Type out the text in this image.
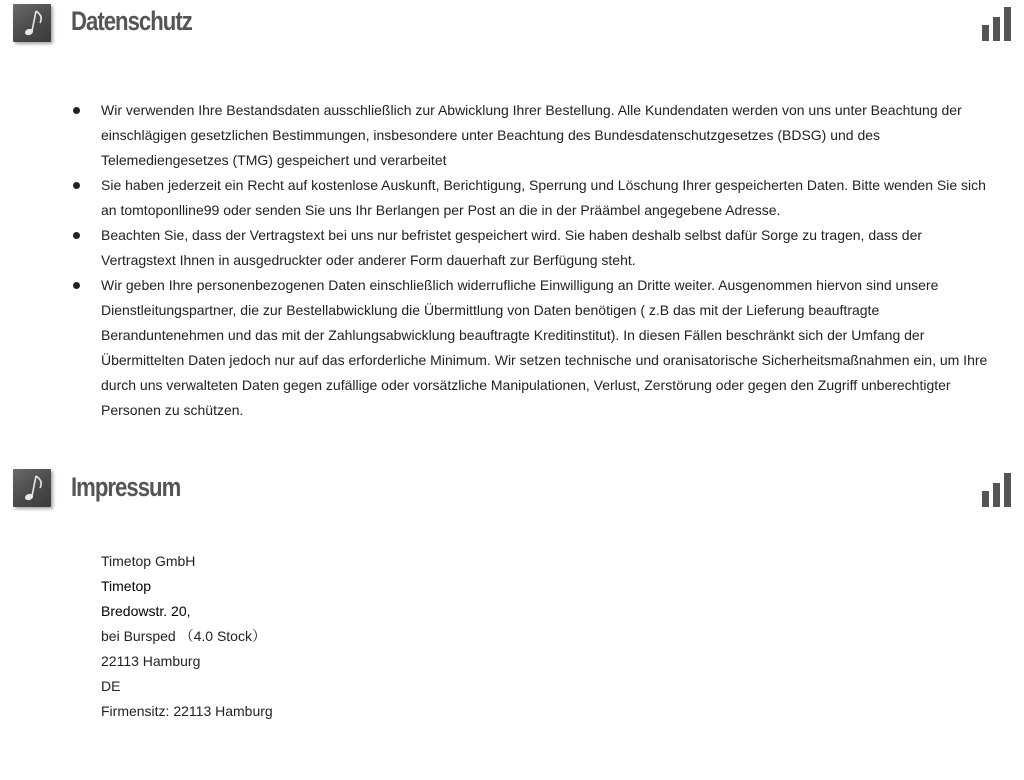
Datenschutz
Wir verwenden Ihre Bestandsdaten ausschließlich zur Abwicklung Ihrer Bestellung. Alle Kundendaten werden von uns unter Beachtung der einschlägigen gesetzlichen Bestimmungen, insbesondere unter Beachtung des Bundesdatenschutzgesetzes (BDSG) und des Telemediengesetzes (TMG) gespeichert und verarbeitet
Sie haben jederzeit ein Recht auf kostenlose Auskunft, Berichtigung, Sperrung und Löschung Ihrer gespeicherten Daten. Bitte wenden Sie sich an tomtoponlline99 oder senden Sie uns Ihr Berlangen per Post an die in der Präämbel angegebene Adresse.
Beachten Sie, dass der Vertragstext bei uns nur befristet gespeichert wird. Sie haben deshalb selbst dafür Sorge zu tragen, dass der Vertragstext Ihnen in ausgedruckter oder anderer Form dauerhaft zur Berfügung steht.
Wir geben Ihre personenbezogenen Daten einschließlich widerrufliche Einwilligung an Dritte weiter. Ausgenommen hiervon sind unsere Dienstleitungspartner, die zur Bestellabwicklung die Übermittlung von Daten benötigen ( z.B das mit der Lieferung beauftragte Beranduntenehmen und das mit der Zahlungsabwicklung beauftragte Kreditinstitut). In diesen Fällen beschränkt sich der Umfang der Übermittelten Daten jedoch nur auf das erforderliche Minimum. Wir setzen technische und oranisatorische Sicherheitsmaßnahmen ein, um Ihre durch uns verwalteten Daten gegen zufällige oder vorsätzliche Manipulationen, Verlust, Zerstörung oder gegen den Zugriff unberechtigter Personen zu schützen.
Impressum
Timetop GmbH
Timetop
Bredowstr. 20,
bei Bursped （4.0 Stock）
22113 Hamburg
DE
Firmensitz: 22113 Hamburg
